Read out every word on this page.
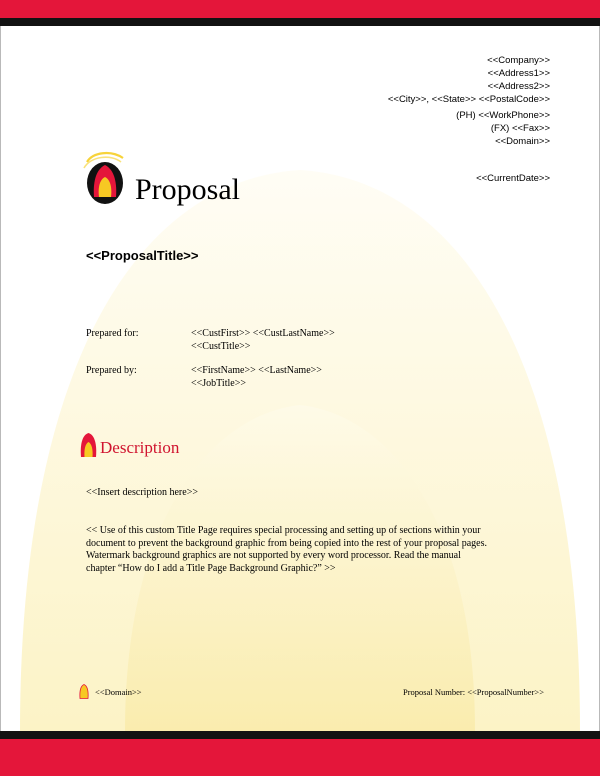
<<Company>>
<<Address1>>
<<Address2>>
<<City>>, <<State>> <<PostalCode>>
(PH) <<WorkPhone>>
(FX) <<Fax>>
<<Domain>>
<<CurrentDate>>
Proposal
<<ProposalTitle>>
Prepared for:	<<CustFirst>> <<CustLastName>>
<<CustTitle>>
Prepared by:	<<FirstName>> <<LastName>>
<<JobTitle>>
Description
<<Insert description here>>
<< Use of this custom Title Page requires special processing and setting up of sections within your
document to prevent the background graphic from being copied into the rest of your proposal pages.
Watermark background graphics are not supported by every word processor. Read the manual
chapter “How do I add a Title Page Background Graphic?” >>
<<Domain>>	Proposal Number: <<ProposalNumber>>
